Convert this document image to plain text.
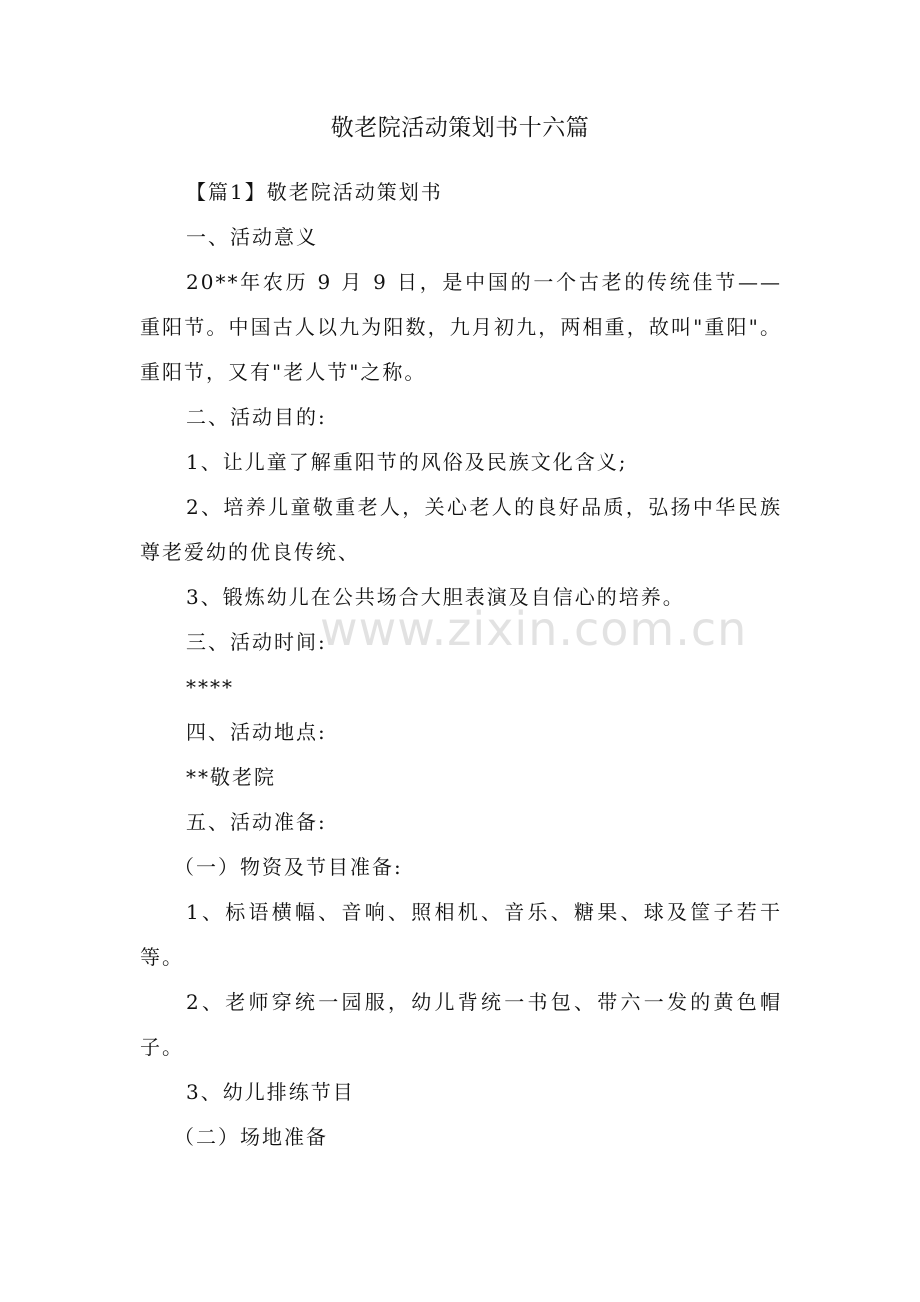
敬老院活动策划书十六篇

【篇1】敬老院活动策划书

一、活动意义

20**年农历 9 月 9 日，是中国的一个古老的传统佳节——重阳节。中国古人以九为阳数，九月初九，两相重，故叫"重阳"。重阳节，又有"老人节"之称。

二、活动目的:

1、让儿童了解重阳节的风俗及民族文化含义;

2、培养儿童敬重老人，关心老人的良好品质，弘扬中华民族尊老爱幼的优良传统、

3、锻炼幼儿在公共场合大胆表演及自信心的培养。

三、活动时间:

****

四、活动地点:

**敬老院

五、活动准备:

（一）物资及节目准备:

1、标语横幅、音响、照相机、音乐、糖果、球及筐子若干等。

2、老师穿统一园服，幼儿背统一书包、带六一发的黄色帽子。

3、幼儿排练节目

（二）场地准备

www.zixin.com.cn
